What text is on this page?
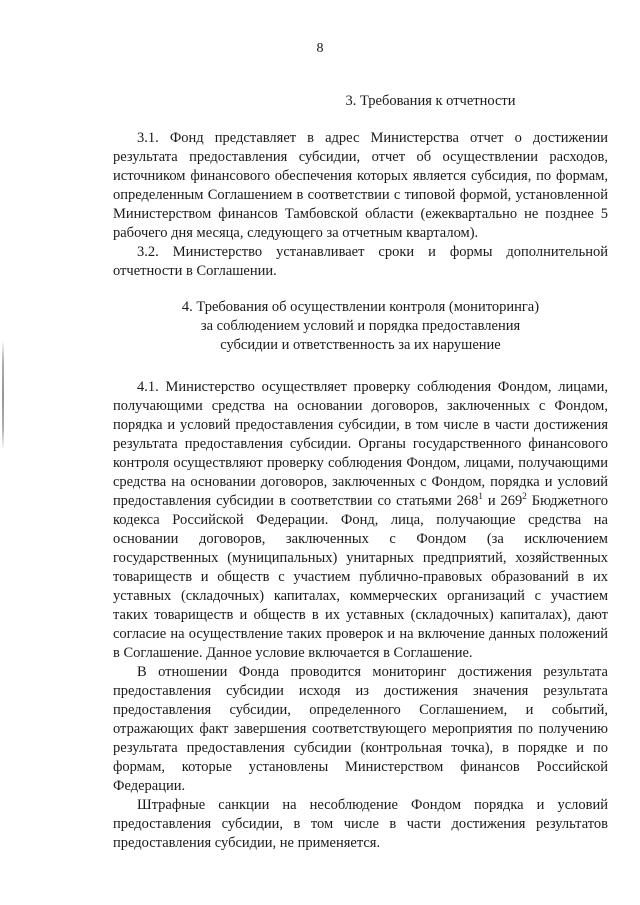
8
3. Требования к отчетности

3.1. Фонд представляет в адрес Министерства отчет о достижении результата предоставления субсидии, отчет об осуществлении расходов, источником финансового обеспечения которых является субсидия, по формам, определенным Соглашением в соответствии с типовой формой, установленной Министерством финансов Тамбовской области (ежеквартально не позднее 5 рабочего дня месяца, следующего за отчетным кварталом).

3.2. Министерство устанавливает сроки и формы дополнительной отчетности в Соглашении.

4. Требования об осуществлении контроля (мониторинга)
за соблюдением условий и порядка предоставления
субсидии и ответственность за их нарушение

4.1. Министерство осуществляет проверку соблюдения Фондом, лицами, получающими средства на основании договоров, заключенных с Фондом, порядка и условий предоставления субсидии, в том числе в части достижения результата предоставления субсидии. Органы государственного финансового контроля осуществляют проверку соблюдения Фондом, лицами, получающими средства на основании договоров, заключенных с Фондом, порядка и условий предоставления субсидии в соответствии со статьями $268^1$ и $269^2$ Бюджетного кодекса Российской Федерации. Фонд, лица, получающие средства на основании договоров, заключенных с Фондом (за исключением государственных (муниципальных) унитарных предприятий, хозяйственных товариществ и обществ с участием публично-правовых образований в их уставных (складочных) капиталах, коммерческих организаций с участием таких товариществ и обществ в их уставных (складочных) капиталах), дают согласие на осуществление таких проверок и на включение данных положений в Соглашение. Данное условие включается в Соглашение.

В отношении Фонда проводится мониторинг достижения результата предоставления субсидии исходя из достижения значения результата предоставления субсидии, определенного Соглашением, и событий, отражающих факт завершения соответствующего мероприятия по получению результата предоставления субсидии (контрольная точка), в порядке и по формам, которые установлены Министерством финансов Российской Федерации.

Штрафные санкции на несоблюдение Фондом порядка и условий предоставления субсидии, в том числе в части достижения результатов предоставления субсидии, не применяется.
